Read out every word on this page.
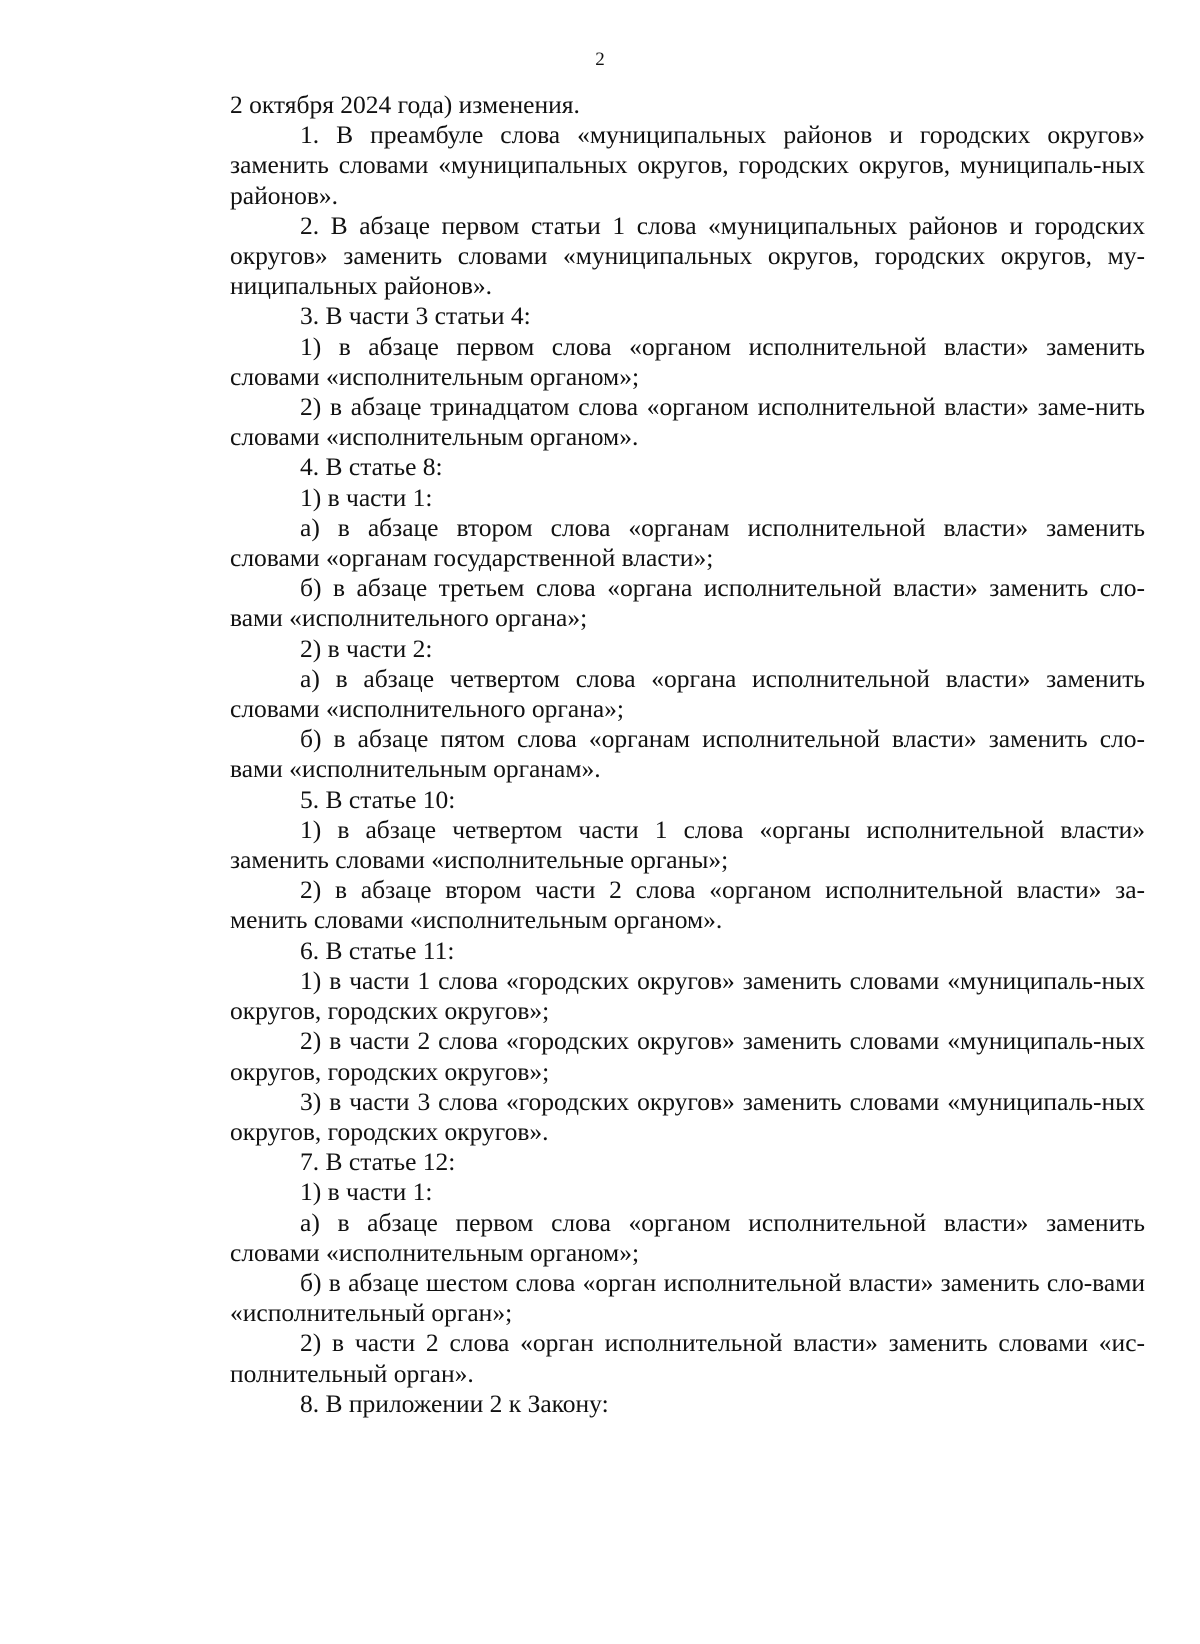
2

2 октября 2024 года) изменения.

1. В преамбуле слова «муниципальных районов и городских округов» заменить словами «муниципальных округов, городских округов, муниципаль-ных районов».

2. В абзаце первом статьи 1 слова «муниципальных районов и городских округов» заменить словами «муниципальных округов, городских округов, му-ниципальных районов».

3. В части 3 статьи 4:

1) в абзаце первом слова «органом исполнительной власти» заменить словами «исполнительным органом»;

2) в абзаце тринадцатом слова «органом исполнительной власти» заме-нить словами «исполнительным органом».

4. В статье 8:

1) в части 1:

а) в абзаце втором слова «органам исполнительной власти» заменить словами «органам государственной власти»;

б) в абзаце третьем слова «органа исполнительной власти» заменить сло-вами «исполнительного органа»;

2) в части 2:

а) в абзаце четвертом слова «органа исполнительной власти» заменить словами «исполнительного органа»;

б) в абзаце пятом слова «органам исполнительной власти» заменить сло-вами «исполнительным органам».

5. В статье 10:

1) в абзаце четвертом части 1 слова «органы исполнительной власти» заменить словами «исполнительные органы»;

2) в абзаце втором части 2 слова «органом исполнительной власти» за-менить словами «исполнительным органом».

6. В статье 11:

1) в части 1 слова «городских округов» заменить словами «муниципаль-ных округов, городских округов»;

2) в части 2 слова «городских округов» заменить словами «муниципаль-ных округов, городских округов»;

3) в части 3 слова «городских округов» заменить словами «муниципаль-ных округов, городских округов».

7. В статье 12:

1) в части 1:

а) в абзаце первом слова «органом исполнительной власти» заменить словами «исполнительным органом»;

б) в абзаце шестом слова «орган исполнительной власти» заменить сло-вами «исполнительный орган»;

2) в части 2 слова «орган исполнительной власти» заменить словами «ис-полнительный орган».

8. В приложении 2 к Закону:
